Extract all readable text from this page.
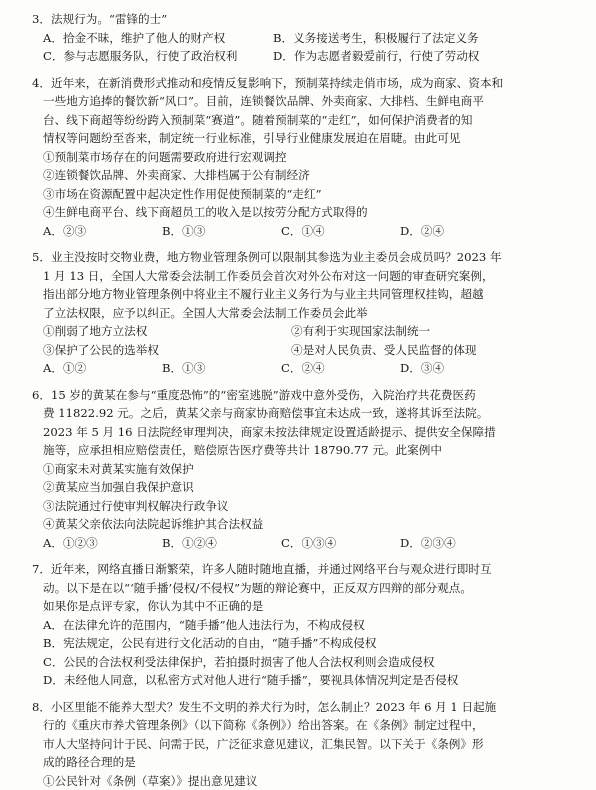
3．法规行为。“雷锋的士”
A．拾金不昧，维护了他人的财产权	B．义务接送考生，积极履行了法定义务
C．参与志愿服务队，行使了政治权利	D．作为志愿者毅爱前行，行使了劳动权
4．近年来，在新消费形式推动和疫情反复影响下，预制菜持续走俏市场，成为商家、资本和
一些地方追捧的餐饮新“风口”。目前，连锁餐饮品牌、外卖商家、大排档、生鲜电商平
台、线下商超等纷纷跨入预制菜“赛道”。随着预制菜的“走红”，如何保护消费者的知
情权等问题纷至沓来，制定统一行业标准，引导行业健康发展迫在眉睫。由此可见
①预制菜市场存在的问题需要政府进行宏观调控
②连锁餐饮品牌、外卖商家、大排档属于公有制经济
③市场在资源配置中起决定性作用促使预制菜的“走红”
④生鲜电商平台、线下商超员工的收入是以按劳分配方式取得的
A．②③	B．①③	C．①④	D．②④
5．业主没按时交物业费，地方物业管理条例可以限制其参选为业主委员会成员吗？2023 年
1 月 13 日，全国人大常委会法制工作委员会首次对外公布对这一问题的审查研究案例，
指出部分地方物业管理条例中将业主不履行业主义务行为与业主共同管理权挂钩，超越
了立法权限，应予以纠正。全国人大常委会法制工作委员会此举
①削弱了地方立法权	②有利于实现国家法制统一
③保护了公民的选举权	④是对人民负责、受人民监督的体现
A．①②	B．①③	C．②④	D．③④
6．15 岁的黄某在参与“重度恐怖”的“密室逃脱”游戏中意外受伤，入院治疗共花费医药
费 11822.92 元。之后，黄某父亲与商家协商赔偿事宜未达成一致，遂将其诉至法院。
2023 年 5 月 16 日法院经审理判决，商家未按法律规定设置适龄提示、提供安全保障措
施等，应承担相应赔偿责任，赔偿原告医疗费等共计 18790.77 元。此案例中
①商家未对黄某实施有效保护
②黄某应当加强自我保护意识
③法院通过行使审判权解决行政争议
④黄某父亲依法向法院起诉维护其合法权益
A．①②③	B．①②④	C．①③④	D．②③④
7．近年来，网络直播日渐繁荣，许多人随时随地直播，并通过网络平台与观众进行即时互
动。以下是在以“‘随手播’侵权/不侵权”为题的辩论赛中，正反双方四辩的部分观点。
如果你是点评专家，你认为其中不正确的是
A．在法律允许的范围内，“随手播”他人违法行为，不构成侵权
B．宪法规定，公民有进行文化活动的自由，“随手播”不构成侵权
C．公民的合法权利受法律保护，若拍摄时损害了他人合法权利则会造成侵权
D．未经他人同意，以私密方式对他人进行“随手播”，要视具体情况判定是否侵权
8．小区里能不能养大型犬？发生不文明的养犬行为时，怎么制止？2023 年 6 月 1 日起施
行的《重庆市养犬管理条例》（以下简称《条例》）给出答案。在《条例》制定过程中，
市人大坚持问计于民、问需于民，广泛征求意见建议，汇集民智。以下关于《条例》形
成的路径合理的是
①公民针对《条例（草案）》提出意见建议
